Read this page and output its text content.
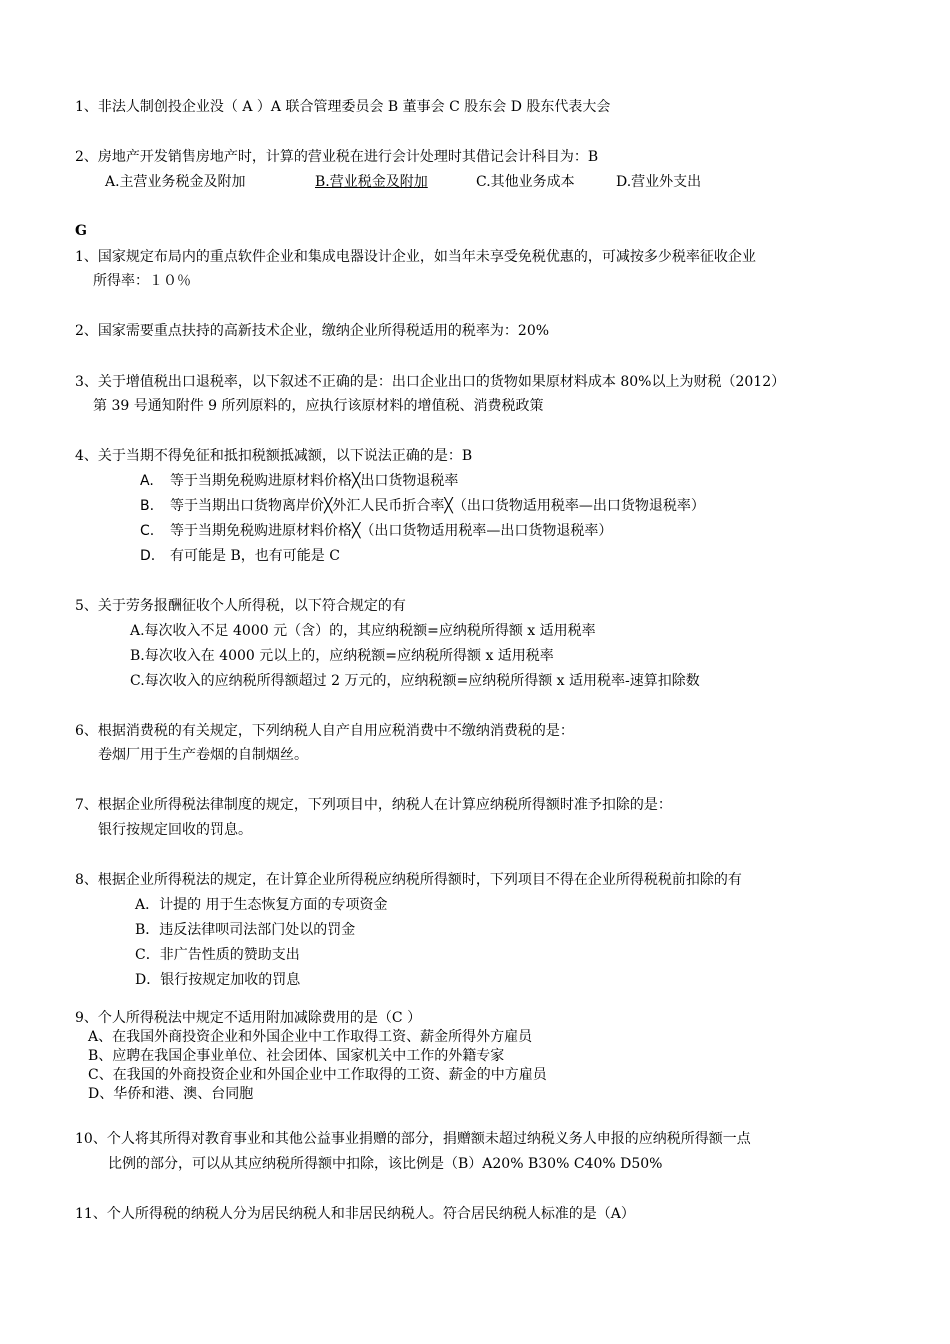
1、非法人制创投企业没（ A ）A 联合管理委员会 B 董事会 C 股东会 D 股东代表大会
2、房地产开发销售房地产时，计算的营业税在进行会计处理时其借记会计科目为：B
A.主营业务税金及附加	B.营业税金及附加	C.其他业务成本	D.营业外支出
G
1、国家规定布局内的重点软件企业和集成电器设计企业，如当年未享受免税优惠的，可减按多少税率征收企业
所得率：１０％
2、国家需要重点扶持的高新技术企业，缴纳企业所得税适用的税率为：20%
3、关于增值税出口退税率，以下叙述不正确的是：出口企业出口的货物如果原材料成本 80%以上为财税（2012）
第 39 号通知附件 9 所列原料的，应执行该原材料的增值税、消费税政策
4、关于当期不得免征和抵扣税额抵减额，以下说法正确的是：B
A. 等于当期免税购进原材料价格╳出口货物退税率
B. 等于当期出口货物离岸价╳外汇人民币折合率╳（出口货物适用税率—出口货物退税率）
C. 等于当期免税购进原材料价格╳（出口货物适用税率—出口货物退税率）
D. 有可能是 B，也有可能是 C
5、关于劳务报酬征收个人所得税，以下符合规定的有
A.每次收入不足 4000 元（含）的，其应纳税额=应纳税所得额 x 适用税率
B.每次收入在 4000 元以上的，应纳税额=应纳税所得额 x 适用税率
C.每次收入的应纳税所得额超过 2 万元的，应纳税额=应纳税所得额 x 适用税率-速算扣除数
6、根据消费税的有关规定，下列纳税人自产自用应税消费中不缴纳消费税的是：
卷烟厂用于生产卷烟的自制烟丝。
7、根据企业所得税法律制度的规定，下列项目中，纳税人在计算应纳税所得额时准予扣除的是：
银行按规定回收的罚息。
8、根据企业所得税法的规定，在计算企业所得税应纳税所得额时，下列项目不得在企业所得税税前扣除的有
A．计提的 用于生态恢复方面的专项资金
B．违反法律呗司法部门处以的罚金
C．非广告性质的赞助支出
D．银行按规定加收的罚息
9、个人所得税法中规定不适用附加减除费用的是（C ）
A、在我国外商投资企业和外国企业中工作取得工资、薪金所得外方雇员
B、应聘在我国企事业单位、社会团体、国家机关中工作的外籍专家
C、在我国的外商投资企业和外国企业中工作取得的工资、薪金的中方雇员
D、华侨和港、澳、台同胞
10、个人将其所得对教育事业和其他公益事业捐赠的部分，捐赠额未超过纳税义务人申报的应纳税所得额一点
比例的部分，可以从其应纳税所得额中扣除，该比例是（B）A20% B30% C40% D50%
11、个人所得税的纳税人分为居民纳税人和非居民纳税人。符合居民纳税人标准的是（A）
